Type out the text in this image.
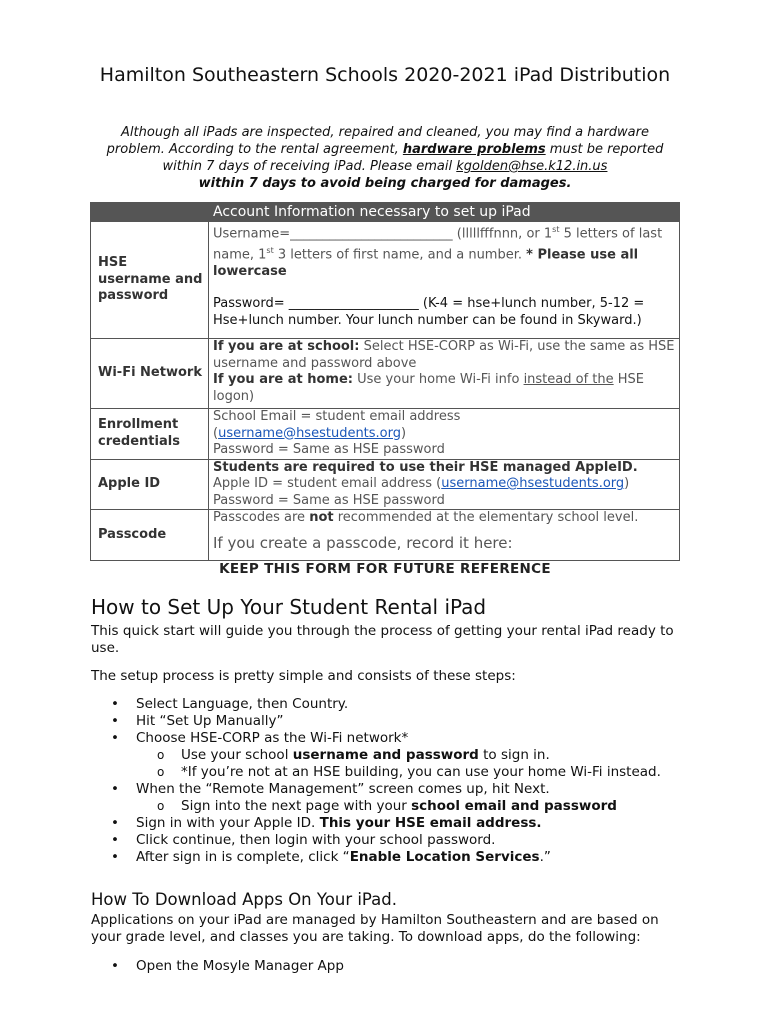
Hamilton Southeastern Schools 2020-2021 iPad Distribution
Although all iPads are inspected, repaired and cleaned, you may find a hardware problem. According to the rental agreement, hardware problems must be reported within 7 days of receiving iPad. Please email kgolden@hse.k12.in.us
within 7 days to avoid being charged for damages.
Account Information necessary to set up iPad	
HSE username and password	Username=_________________________ (lllllfffnnn, or 1st 5 letters of last name, 1st 3 letters of first name, and a number. * Please use all lowercase
Password= ____________________ (K-4 = hse+lunch number, 5-12 = Hse+lunch number. Your lunch number can be found in Skyward.)
Wi-Fi Network	If you are at school: Select HSE-CORP as Wi-Fi, use the same as HSE username and password above
If you are at home: Use your home Wi-Fi info instead of the HSE logon)
Enrollment credentials	School Email = student email address
(username@hsestudents.org)
Password = Same as HSE password
Apple ID	Students are required to use their HSE managed AppleID.
Apple ID = student email address (username@hsestudents.org)
Password = Same as HSE password
Passcode	Passcodes are not recommended at the elementary school level.
If you create a passcode, record it here:
KEEP THIS FORM FOR FUTURE REFERENCE
How to Set Up Your Student Rental iPad
This quick start will guide you through the process of getting your rental iPad ready to use.
The setup process is pretty simple and consists of these steps:
• Select Language, then Country.
• Hit “Set Up Manually”
• Choose HSE-CORP as the Wi-Fi network*
o Use your school username and password to sign in.
o *If you’re not at an HSE building, you can use your home Wi-Fi instead.
• When the “Remote Management” screen comes up, hit Next.
o Sign into the next page with your school email and password
• Sign in with your Apple ID. This your HSE email address.
• Click continue, then login with your school password.
• After sign in is complete, click “Enable Location Services.”
How To Download Apps On Your iPad.
Applications on your iPad are managed by Hamilton Southeastern and are based on your grade level, and classes you are taking. To download apps, do the following:
• Open the Mosyle Manager App
